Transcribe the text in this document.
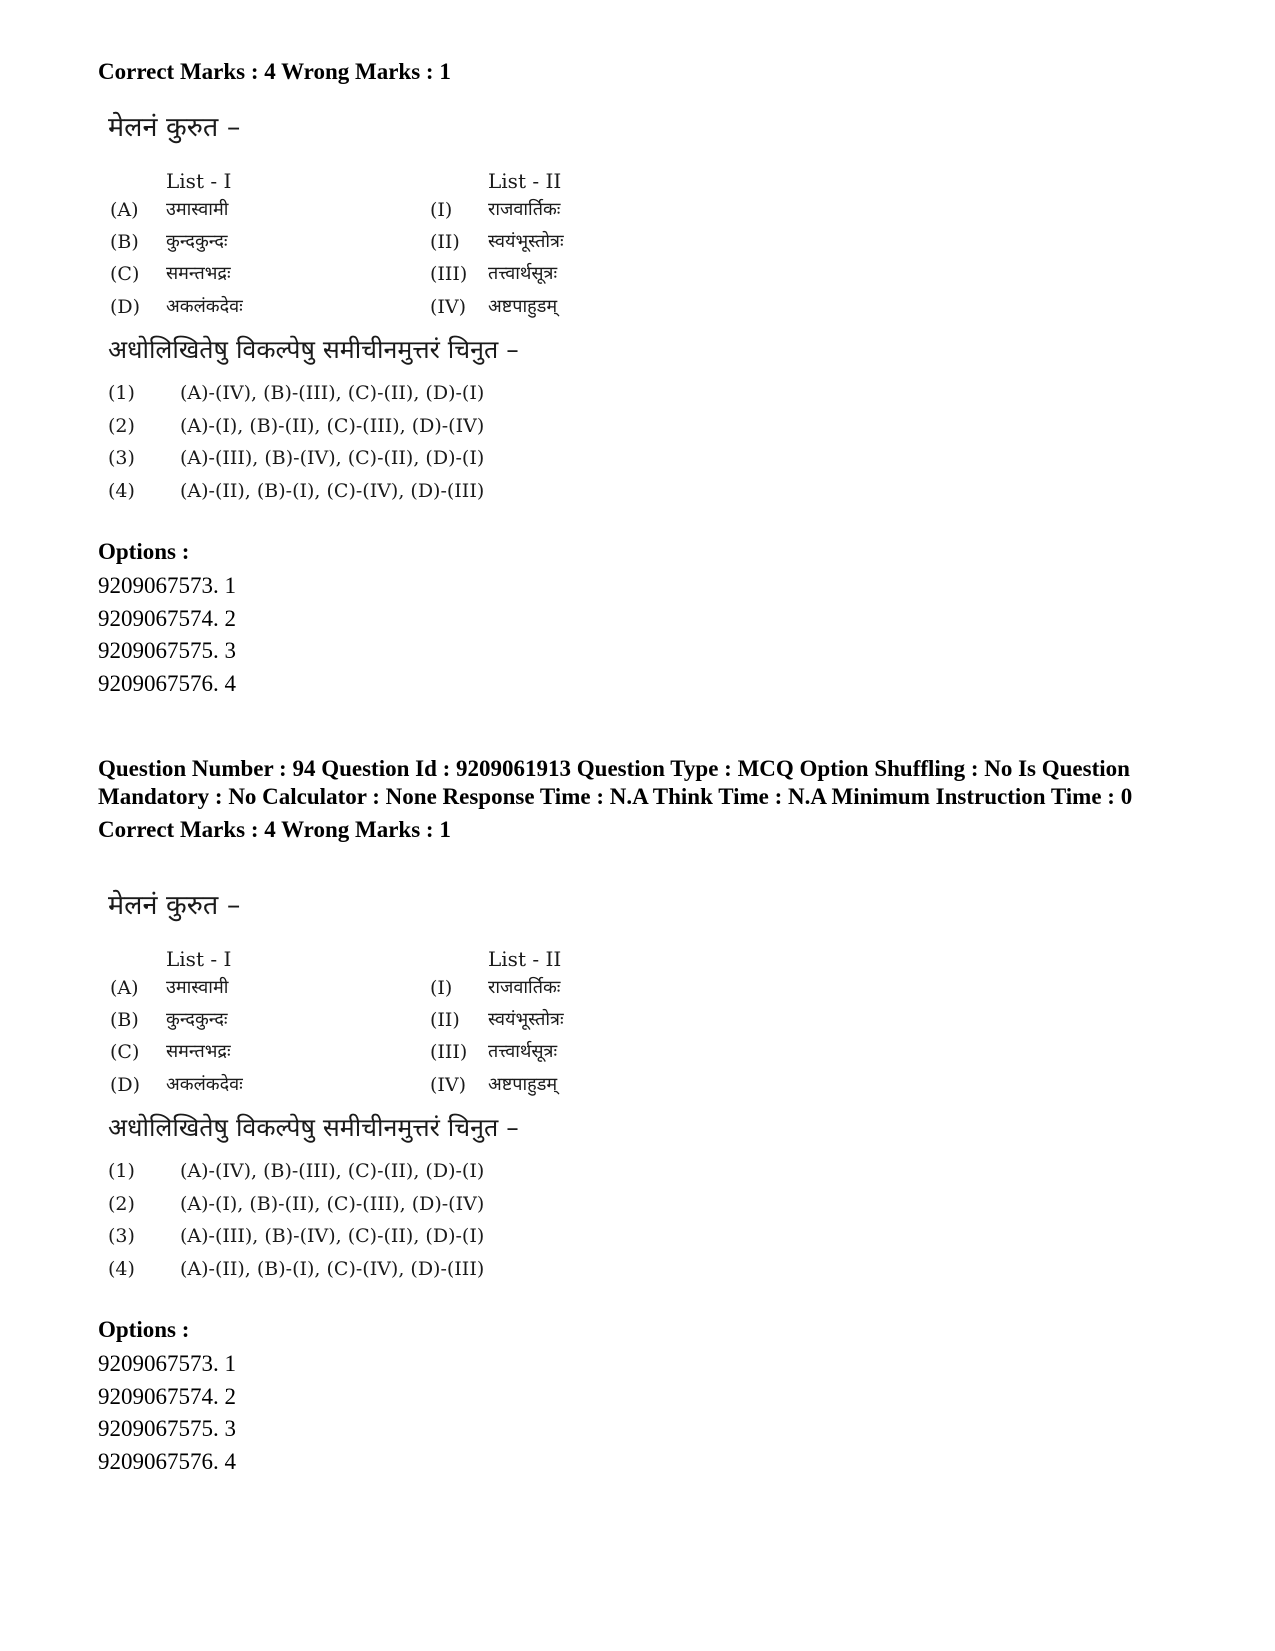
Correct Marks : 4 Wrong Marks : 1

मेलनं कुरुत –
List - I	List - II
(A) उमास्वामी	(I) राजवार्तिकः
(B) कुन्दकुन्दः	(II) स्वयंभूस्तोत्रः
(C) समन्तभद्रः	(III) तत्त्वार्थसूत्रः
(D) अकलंकदेवः	(IV) अष्टपाहुडम्
अधोलिखितेषु विकल्पेषु समीचीनमुत्तरं चिनुत –
(1) (A)-(IV), (B)-(III), (C)-(II), (D)-(I)
(2) (A)-(I), (B)-(II), (C)-(III), (D)-(IV)
(3) (A)-(III), (B)-(IV), (C)-(II), (D)-(I)
(4) (A)-(II), (B)-(I), (C)-(IV), (D)-(III)

Options :

9209067573. 1

9209067574. 2

9209067575. 3

9209067576. 4

Question Number : 94 Question Id : 9209061913 Question Type : MCQ Option Shuffling : No Is Question Mandatory : No Calculator : None Response Time : N.A Think Time : N.A Minimum Instruction Time : 0

Correct Marks : 4 Wrong Marks : 1

मेलनं कुरुत –
List - I	List - II
(A) उमास्वामी	(I) राजवार्तिकः
(B) कुन्दकुन्दः	(II) स्वयंभूस्तोत्रः
(C) समन्तभद्रः	(III) तत्त्वार्थसूत्रः
(D) अकलंकदेवः	(IV) अष्टपाहुडम्
अधोलिखितेषु विकल्पेषु समीचीनमुत्तरं चिनुत –
(1) (A)-(IV), (B)-(III), (C)-(II), (D)-(I)
(2) (A)-(I), (B)-(II), (C)-(III), (D)-(IV)
(3) (A)-(III), (B)-(IV), (C)-(II), (D)-(I)
(4) (A)-(II), (B)-(I), (C)-(IV), (D)-(III)

Options :

9209067573. 1

9209067574. 2

9209067575. 3

9209067576. 4
